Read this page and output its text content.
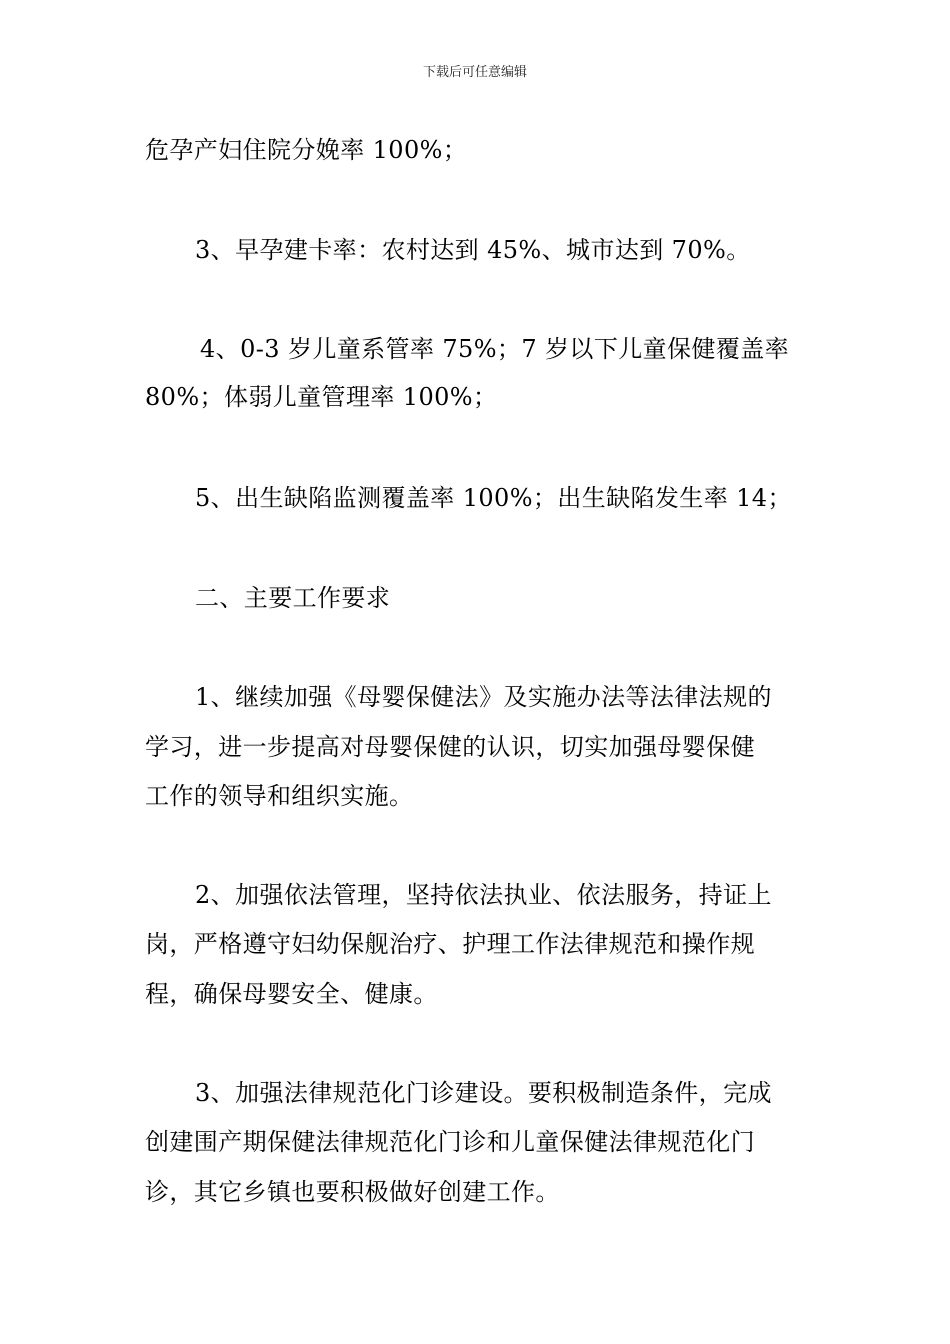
下载后可任意编辑
危孕产妇住院分娩率 100%；
3、早孕建卡率：农村达到 45%、城市达到 70%。
4、0-3 岁儿童系管率 75%；7 岁以下儿童保健覆盖率
80%；体弱儿童管理率 100%；
5、出生缺陷监测覆盖率 100%；出生缺陷发生率 14；
二、主要工作要求
1、继续加强《母婴保健法》及实施办法等法律法规的
学习，进一步提高对母婴保健的认识，切实加强母婴保健
工作的领导和组织实施。
2、加强依法管理，坚持依法执业、依法服务，持证上
岗，严格遵守妇幼保舰治疗、护理工作法律规范和操作规
程，确保母婴安全、健康。
3、加强法律规范化门诊建设。要积极制造条件，完成
创建围产期保健法律规范化门诊和儿童保健法律规范化门
诊，其它乡镇也要积极做好创建工作。
